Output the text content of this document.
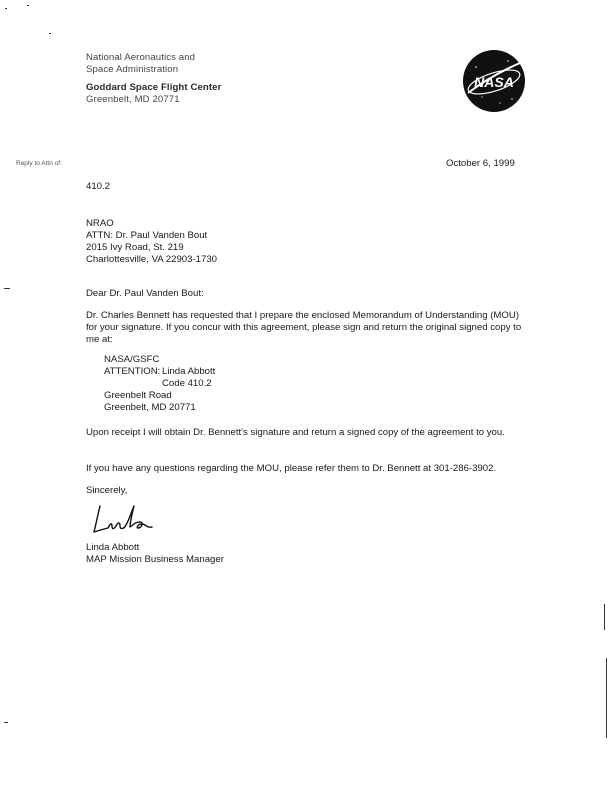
National Aeronautics and
Space Administration
Goddard Space Flight Center
Greenbelt, MD 20771
NASA
Reply to Attn of:	October 6, 1999
410.2
NRAO
ATTN: Dr. Paul Vanden Bout
2015 Ivy Road, St. 219
Charlottesville, VA 22903-1730
Dear Dr. Paul Vanden Bout:
Dr. Charles Bennett has requested that I prepare the enclosed Memorandum of Understanding (MOU) for your signature. If you concur with this agreement, please sign and return the original signed copy to me at:
NASA/GSFC
ATTENTION: Linda Abbott
Code 410.2
Greenbelt Road
Greenbelt, MD 20771
Upon receipt I will obtain Dr. Bennett's signature and return a signed copy of the agreement to you.
If you have any questions regarding the MOU, please refer them to Dr. Bennett at 301-286-3902.
Sincerely,
Linda Abbott
MAP Mission Business Manager
